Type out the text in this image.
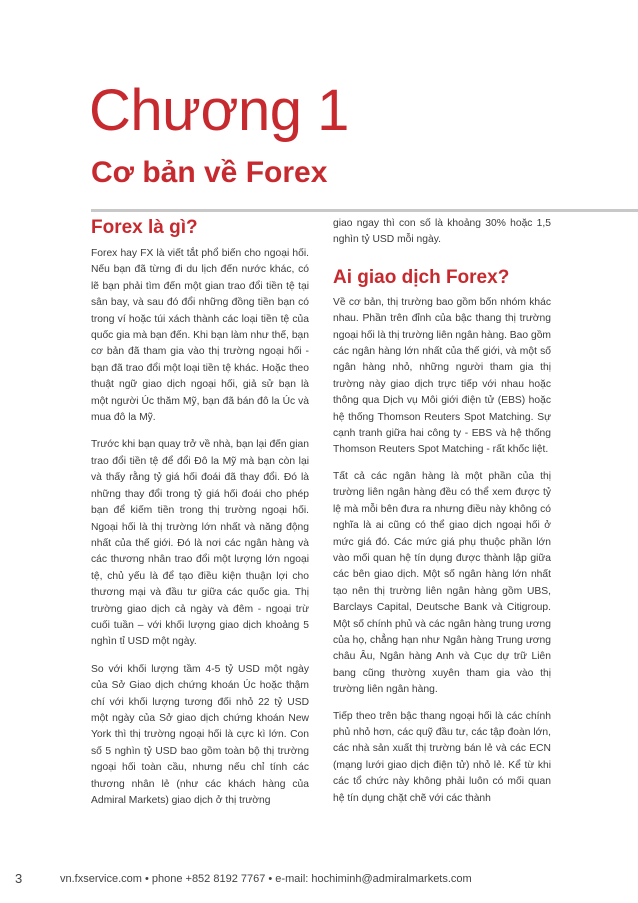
Chương 1
Cơ bản về Forex
Forex là gì?

Forex hay FX là viết tắt phổ biến cho ngoại hối. Nếu bạn đã từng đi du lịch đến nước khác, có lẽ bạn phải tìm đến một gian trao đổi tiền tệ tại sân bay, và sau đó đổi những đồng tiền bạn có trong ví hoặc túi xách thành các loại tiền tệ của quốc gia mà bạn đến. Khi bạn làm như thế, bạn cơ bản đã tham gia vào thị trường ngoại hối - bạn đã trao đổi một loại tiền tệ khác. Hoặc theo thuật ngữ giao dịch ngoại hối, giả sử bạn là một người Úc thăm Mỹ, bạn đã bán đô la Úc và mua đô la Mỹ.

Trước khi bạn quay trở về nhà, bạn lại đến gian trao đổi tiền tệ để đổi Đô la Mỹ mà bạn còn lại và thấy rằng tỷ giá hối đoái đã thay đổi. Đó là những thay đổi trong tỷ giá hối đoái cho phép bạn để kiếm tiền trong thị trường ngoại hối. Ngoại hối là thị trường lớn nhất và năng động nhất của thế giới. Đó là nơi các ngân hàng và các thương nhân trao đổi một lượng lớn ngoại tệ, chủ yếu là để tạo điều kiện thuận lợi cho thương mại và đầu tư giữa các quốc gia. Thị trường giao dịch cả ngày và đêm - ngoại trừ cuối tuần – với khối lượng giao dịch khoảng 5 nghìn tỉ USD một ngày.

So với khối lượng tầm 4-5 tỷ USD một ngày của Sở Giao dịch chứng khoán Úc hoặc thậm chí với khối lượng tương đối nhỏ 22 tỷ USD một ngày của Sở giao dịch chứng khoán New York thì thị trường ngoại hối là cực kì lớn. Con số 5 nghìn tỷ USD bao gồm toàn bộ thị trường ngoại hối toàn cầu, nhưng nếu chỉ tính các thương nhân lẻ (như các khách hàng của Admiral Markets) giao dịch ở thị trường

giao ngay thì con số là khoảng 30% hoặc 1,5 nghìn tỷ USD mỗi ngày.

Ai giao dịch Forex?

Về cơ bản, thị trường bao gồm bốn nhóm khác nhau. Phần trên đỉnh của bậc thang thị trường ngoại hối là thị trường liên ngân hàng. Bao gồm các ngân hàng lớn nhất của thế giới, và một số ngân hàng nhỏ, những người tham gia thị trường này giao dịch trực tiếp với nhau hoặc thông qua Dịch vụ Môi giới điện tử (EBS) hoặc hệ thống Thomson Reuters Spot Matching. Sự cạnh tranh giữa hai công ty - EBS và hệ thống Thomson Reuters Spot Matching - rất khốc liệt.

Tất cả các ngân hàng là một phần của thị trường liên ngân hàng đều có thể xem được tỷ lệ mà mỗi bên đưa ra nhưng điều này không có nghĩa là ai cũng có thể giao dịch ngoại hối ở mức giá đó. Các mức giá phụ thuộc phần lớn vào mối quan hệ tín dụng được thành lập giữa các bên giao dịch. Một số ngân hàng lớn nhất tạo nên thị trường liên ngân hàng gồm UBS, Barclays Capital, Deutsche Bank và Citigroup. Một số chính phủ và các ngân hàng trung ương của họ, chẳng hạn như Ngân hàng Trung ương châu Âu, Ngân hàng Anh và Cục dự trữ Liên bang cũng thường xuyên tham gia vào thị trường liên ngân hàng.

Tiếp theo trên bậc thang ngoại hối là các chính phủ nhỏ hơn, các quỹ đầu tư, các tập đoàn lớn, các nhà sản xuất thị trường bán lẻ và các ECN (mạng lưới giao dịch điện tử) nhỏ lẻ. Kể từ khi các tổ chức này không phải luôn có mối quan hệ tín dụng chặt chẽ với các thành

3	vn.fxservice.com • phone +852 8192 7767 • e-mail: hochiminh@admiralmarkets.com
